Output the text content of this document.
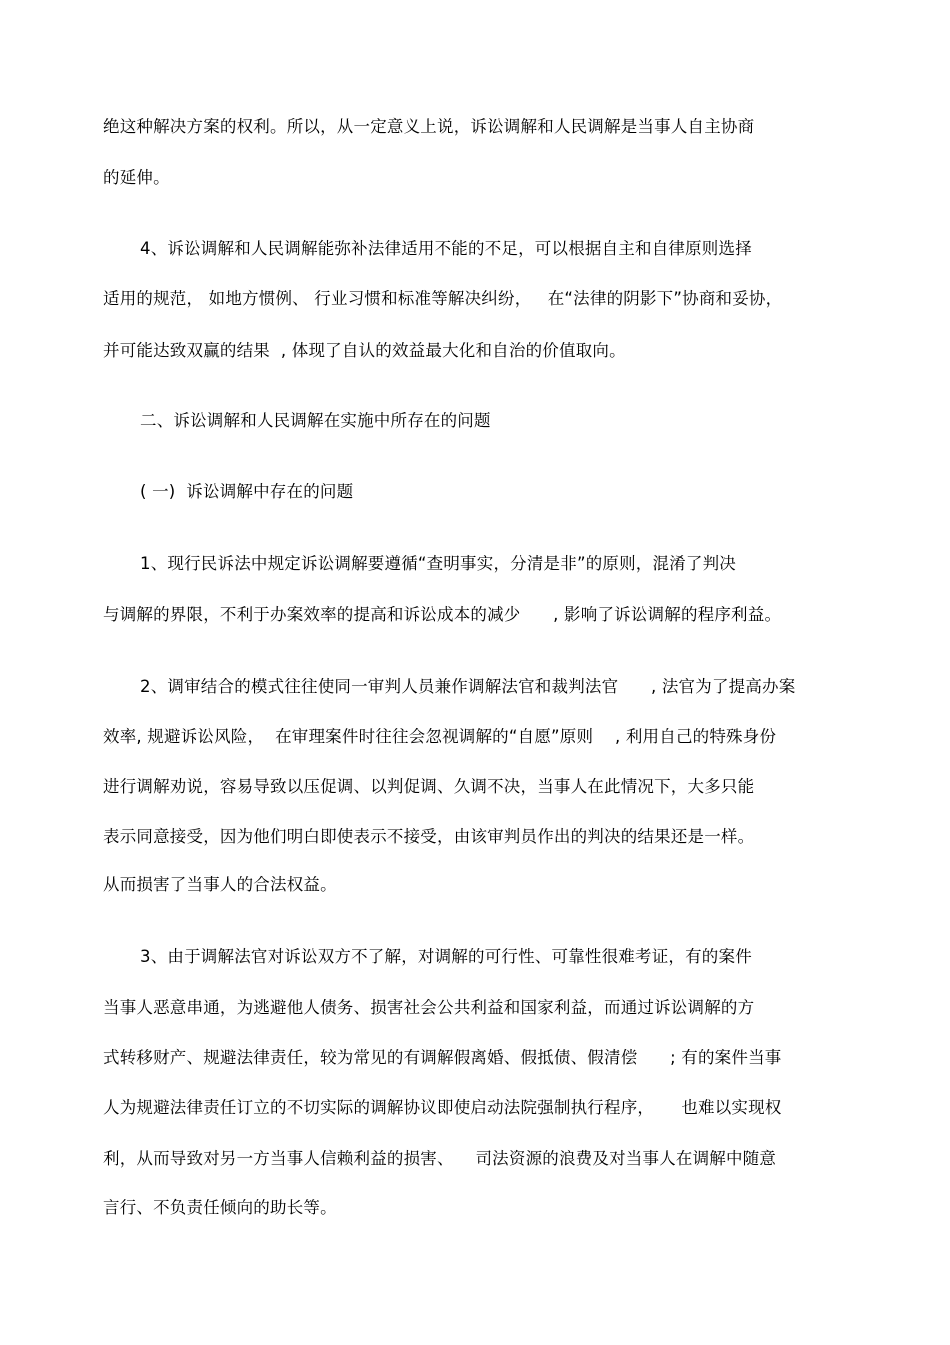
绝这种解决方案的权利。所以，从一定意义上说，诉讼调解和人民调解是当事人自主协商
的延伸。
4、诉讼调解和人民调解能弥补法律适用不能的不足，可以根据自主和自律原则选择
适用的规范， 如地方惯例、 行业习惯和标准等解决纠纷，   在“法律的阴影下”协商和妥协，
并可能达致双赢的结果  , 体现了自认的效益最大化和自治的价值取向。
二、诉讼调解和人民调解在实施中所存在的问题
( 一)  诉讼调解中存在的问题
1、现行民诉法中规定诉讼调解要遵循“查明事实，分清是非”的原则，混淆了判决
与调解的界限，不利于办案效率的提高和诉讼成本的减少      , 影响了诉讼调解的程序利益。
2、调审结合的模式往往使同一审判人员兼作调解法官和裁判法官      , 法官为了提高办案
效率, 规避诉讼风险，  在审理案件时往往会忽视调解的“自愿”原则    , 利用自己的特殊身份
进行调解劝说，容易导致以压促调、以判促调、久调不决，当事人在此情况下，大多只能
表示同意接受，因为他们明白即使表示不接受，由该审判员作出的判决的结果还是一样。
从而损害了当事人的合法权益。
3、由于调解法官对诉讼双方不了解，对调解的可行性、可靠性很难考证，有的案件
当事人恶意串通，为逃避他人债务、损害社会公共利益和国家利益，而通过诉讼调解的方
式转移财产、规避法律责任，较为常见的有调解假离婚、假抵债、假清偿      ; 有的案件当事
人为规避法律责任订立的不切实际的调解协议即使启动法院强制执行程序，     也难以实现权
利，从而导致对另一方当事人信赖利益的损害、    司法资源的浪费及对当事人在调解中随意
言行、不负责任倾向的助长等。
